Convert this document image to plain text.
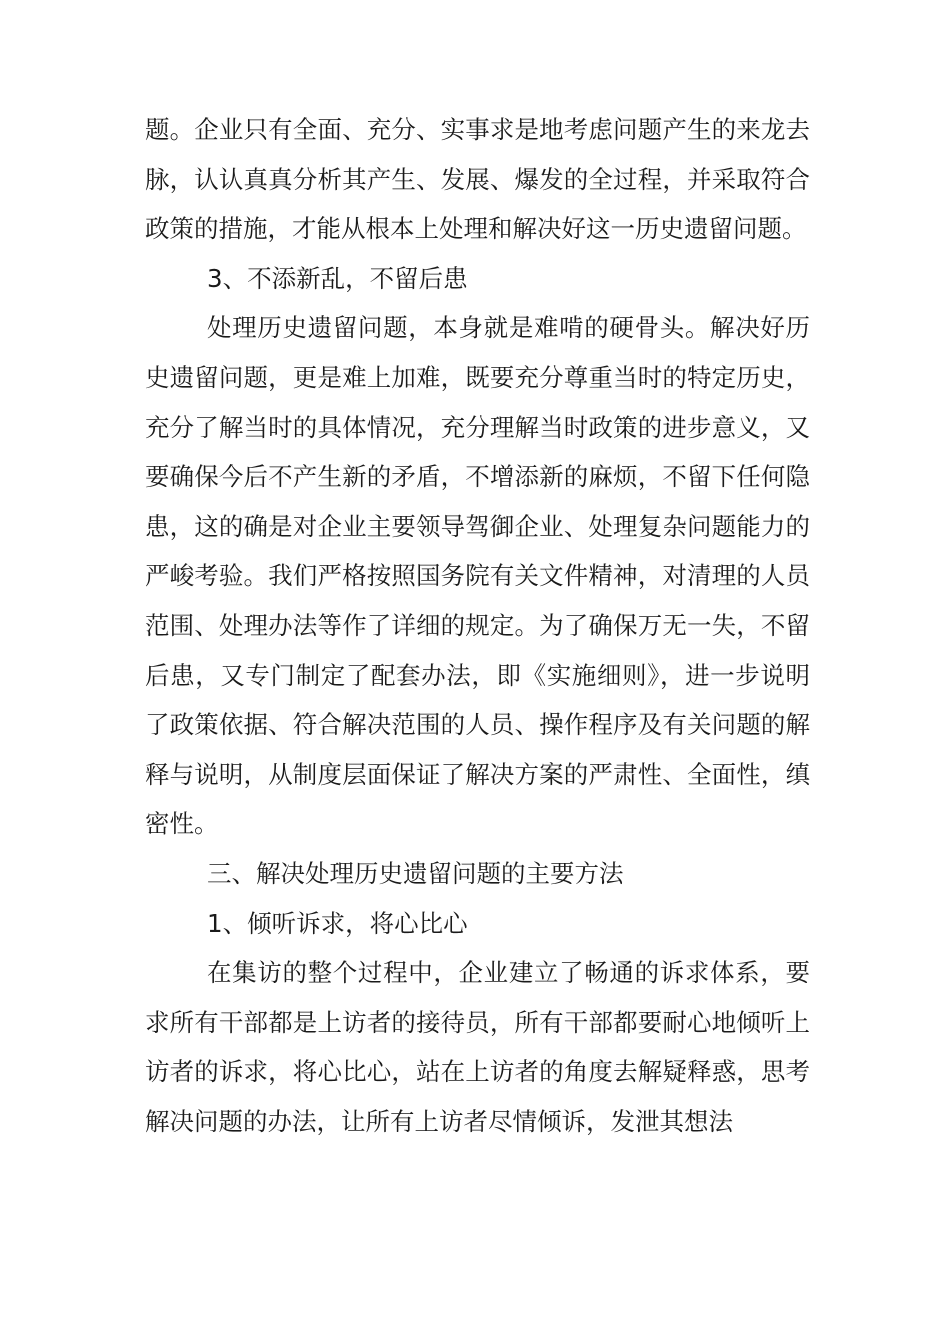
题。企业只有全面、充分、实事求是地考虑问题产生的来龙去脉，认认真真分析其产生、发展、爆发的全过程，并采取符合政策的措施，才能从根本上处理和解决好这一历史遗留问题。

3、不添新乱，不留后患

处理历史遗留问题，本身就是难啃的硬骨头。解决好历史遗留问题，更是难上加难，既要充分尊重当时的特定历史，充分了解当时的具体情况，充分理解当时政策的进步意义，又要确保今后不产生新的矛盾，不增添新的麻烦，不留下任何隐患，这的确是对企业主要领导驾御企业、处理复杂问题能力的严峻考验。我们严格按照国务院有关文件精神，对清理的人员范围、处理办法等作了详细的规定。为了确保万无一失，不留后患，又专门制定了配套办法，即《实施细则》，进一步说明了政策依据、符合解决范围的人员、操作程序及有关问题的解释与说明，从制度层面保证了解决方案的严肃性、全面性，缜密性。

三、解决处理历史遗留问题的主要方法

1、倾听诉求，将心比心

在集访的整个过程中，企业建立了畅通的诉求体系，要求所有干部都是上访者的接待员，所有干部都要耐心地倾听上访者的诉求，将心比心，站在上访者的角度去解疑释惑，思考解决问题的办法，让所有上访者尽情倾诉，发泄其想法
